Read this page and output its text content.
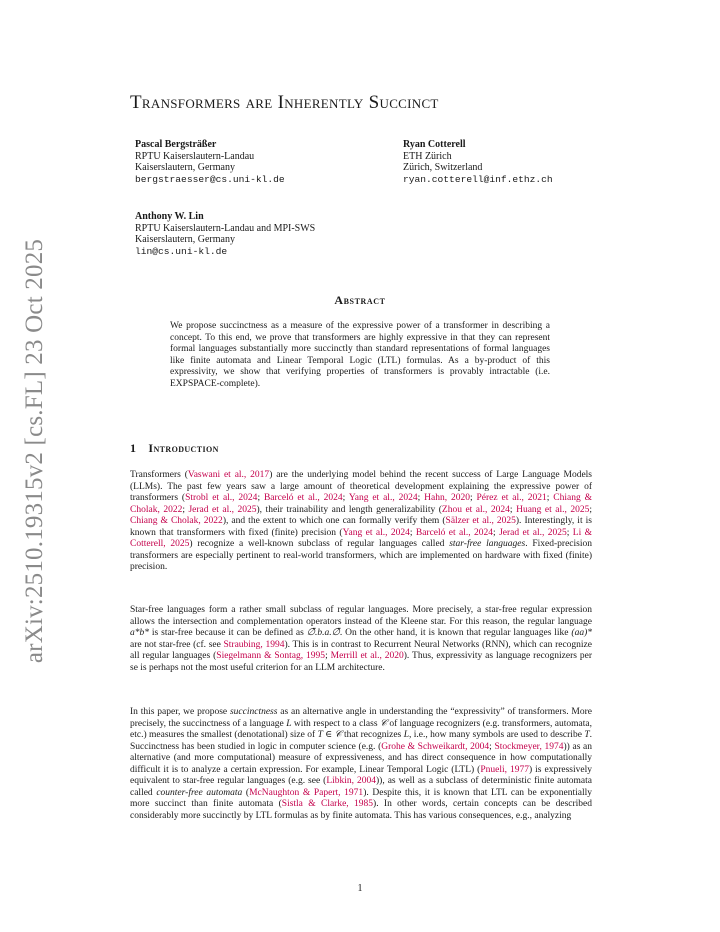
arXiv:2510.19315v2 [cs.FL] 23 Oct 2025
Transformers are Inherently Succinct
Pascal Bergsträßer
RPTU Kaiserslautern-Landau
Kaiserslautern, Germany
bergstraesser@cs.uni-kl.de
Ryan Cotterell
ETH Zürich
Zürich, Switzerland
ryan.cotterell@inf.ethz.ch
Anthony W. Lin
RPTU Kaiserslautern-Landau and MPI-SWS
Kaiserslautern, Germany
lin@cs.uni-kl.de
Abstract

We propose succinctness as a measure of the expressive power of a transformer in describing a concept. To this end, we prove that transformers are highly expressive in that they can represent formal languages substantially more succinctly than standard representations of formal languages like finite automata and Linear Temporal Logic (LTL) formulas. As a by-product of this expressivity, we show that verifying properties of transformers is provably intractable (i.e. EXPSPACE-complete).

1 Introduction

Transformers (Vaswani et al., 2017) are the underlying model behind the recent success of Large Language Models (LLMs). The past few years saw a large amount of theoretical development explaining the expressive power of transformers (Strobl et al., 2024; Barceló et al., 2024; Yang et al., 2024; Hahn, 2020; Pérez et al., 2021; Chiang & Cholak, 2022; Jerad et al., 2025), their trainability and length generalizability (Zhou et al., 2024; Huang et al., 2025; Chiang & Cholak, 2022), and the extent to which one can formally verify them (Sälzer et al., 2025). Interestingly, it is known that transformers with fixed (finite) precision (Yang et al., 2024; Barceló et al., 2024; Jerad et al., 2025; Li & Cotterell, 2025) recognize a well-known subclass of regular languages called star-free languages. Fixed-precision transformers are especially pertinent to real-world transformers, which are implemented on hardware with fixed (finite) precision.

Star-free languages form a rather small subclass of regular languages. More precisely, a star-free regular expression allows the intersection and complementation operators instead of the Kleene star. For this reason, the regular language a*b* is star-free because it can be defined as ∅̄.b.a.∅̄. On the other hand, it is known that regular languages like (aa)* are not star-free (cf. see Straubing, 1994). This is in contrast to Recurrent Neural Networks (RNN), which can recognize all regular languages (Siegelmann & Sontag, 1995; Merrill et al., 2020). Thus, expressivity as language recognizers per se is perhaps not the most useful criterion for an LLM architecture.

In this paper, we propose succinctness as an alternative angle in understanding the “expressivity” of transformers. More precisely, the succinctness of a language L with respect to a class 𝒞 of language recognizers (e.g. transformers, automata, etc.) measures the smallest (denotational) size of T ∈ 𝒞 that recognizes L, i.e., how many symbols are used to describe T. Succinctness has been studied in logic in computer science (e.g. (Grohe & Schweikardt, 2004; Stockmeyer, 1974)) as an alternative (and more computational) measure of expressiveness, and has direct consequence in how computationally difficult it is to analyze a certain expression. For example, Linear Temporal Logic (LTL) (Pnueli, 1977) is expressively equivalent to star-free regular languages (e.g. see (Libkin, 2004)), as well as a subclass of deterministic finite automata called counter-free automata (McNaughton & Papert, 1971). Despite this, it is known that LTL can be exponentially more succinct than finite automata (Sistla & Clarke, 1985). In other words, certain concepts can be described considerably more succinctly by LTL formulas as by finite automata. This has various consequences, e.g., analyzing

1
